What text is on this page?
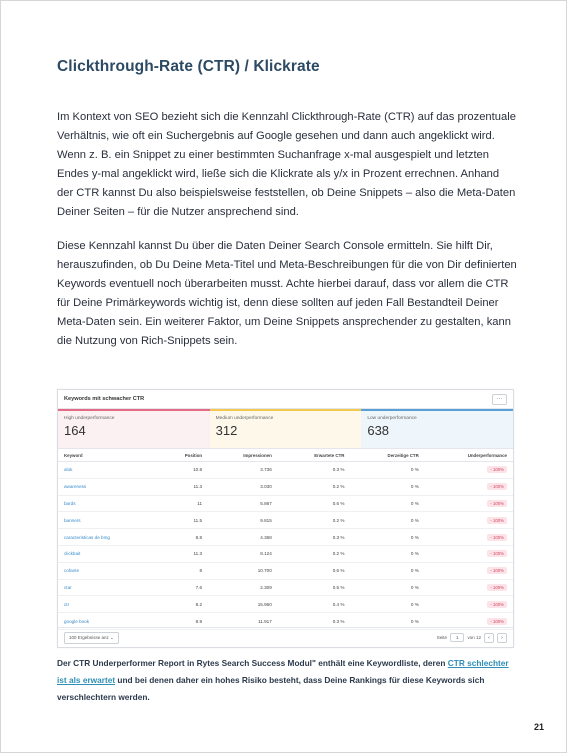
Clickthrough-Rate (CTR) / Klickrate

Im Kontext von SEO bezieht sich die Kennzahl Clickthrough-Rate (CTR) auf das prozentuale Verhältnis, wie oft ein Suchergebnis auf Google gesehen und dann auch angeklickt wird. Wenn z. B. ein Snippet zu einer bestimmten Suchanfrage x-mal ausgespielt und letzten Endes y-mal angeklickt wird, ließe sich die Klickrate als y/x in Prozent errechnen. Anhand der CTR kannst Du also beispielsweise feststellen, ob Deine Snippets – also die Meta-Daten Deiner Seiten – für die Nutzer ansprechend sind.

Diese Kennzahl kannst Du über die Daten Deiner Search Console ermitteln. Sie hilft Dir, herauszufinden, ob Du Deine Meta-Titel und Meta-Beschreibungen für die von Dir definierten Keywords eventuell noch überarbeiten musst. Achte hierbei darauf, dass vor allem die CTR für Deine Primärkeywords wichtig ist, denn diese sollten auf jeden Fall Bestandteil Deiner Meta-Daten sein. Ein weiterer Faktor, um Deine Snippets ansprechender zu gestalten, kann die Nutzung von Rich-Snippets sein.

Keywords mit schwacher CTR	…
High underperformance
164
Medium underperformance
312
Low underperformance
638
Keyword	Position	Impressionen	Erwartete CTR	Derzeitige CTR	Underperformance
alok	10.8	3.736	0.3 %	0 %	- 100%
awareness	11.3	3.030	0.2 %	0 %	- 100%
bards	11	5.867	0.6 %	0 %	- 100%
banners	11.5	9.815	0.2 %	0 %	- 100%
caracteristicas de bmg	8.8	4.368	0.3 %	0 %	- 100%
clickbait	11.3	8.124	0.2 %	0 %	- 100%
cofante	8	10.700	0.6 %	0 %	- 100%
ctar	7.6	2.309	0.5 %	0 %	- 100%
ctr	8.2	15.960	0.4 %	0 %	- 100%
google book	8.9	11.917	0.3 %	0 %	- 100%
100 Ergebnisse anz ⌄	Seite	1	von 12	‹	›

Der CTR Underperformer Report in Rytes Search Success Modul" enthält eine Keywordliste, deren CTR schlechter ist als erwartet und bei denen daher ein hohes Risiko besteht, dass Deine Rankings für diese Keywords sich verschlechtern werden.

21
